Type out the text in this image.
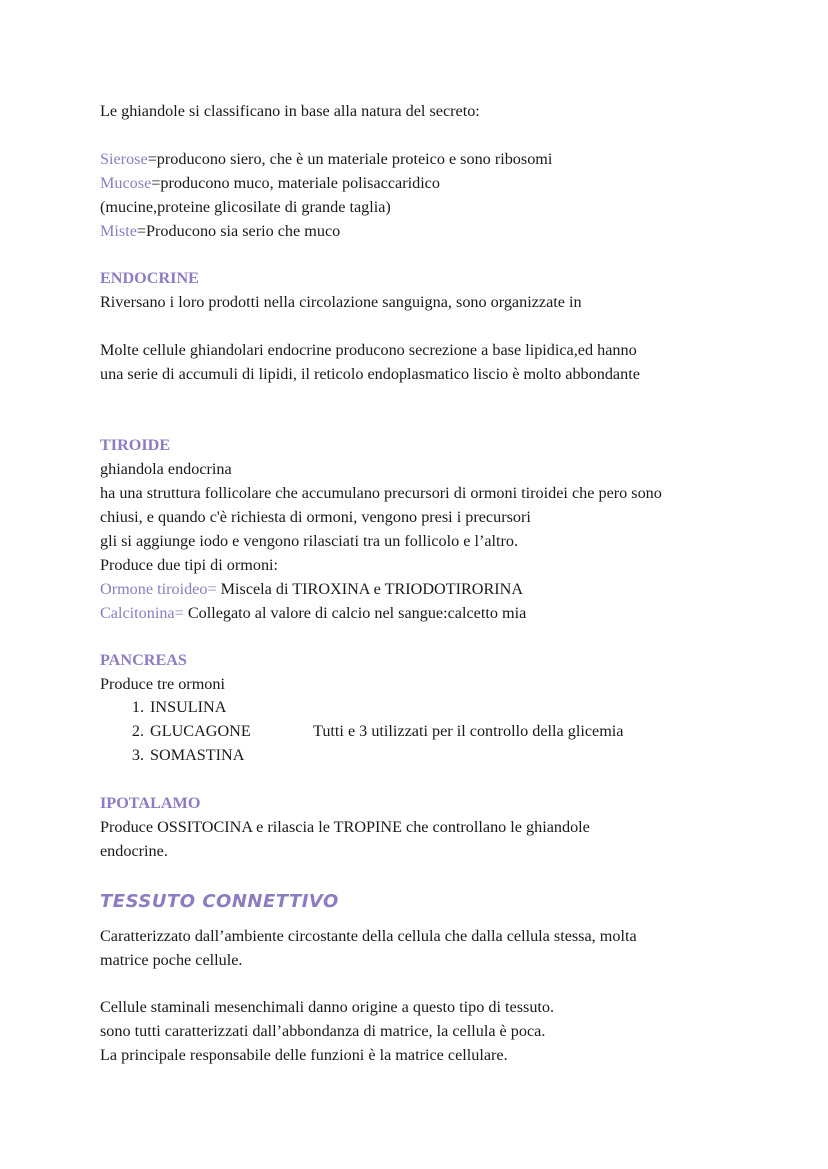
Le ghiandole si classificano in base alla natura del secreto:
Sierose=producono siero, che è un materiale proteico e sono ribosomi
Mucose=producono muco, materiale polisaccaridico
(mucine,proteine glicosilate di grande taglia)
Miste=Producono sia serio che muco
ENDOCRINE
Riversano i loro prodotti nella circolazione sanguigna, sono organizzate in
Molte cellule ghiandolari endocrine producono secrezione a base lipidica,ed hanno
una serie di accumuli di lipidi, il reticolo endoplasmatico liscio è molto abbondante
TIROIDE
ghiandola endocrina
ha una struttura follicolare che accumulano precursori di ormoni tiroidei che pero sono
chiusi, e quando c'è richiesta di ormoni, vengono presi i precursori
gli si aggiunge iodo e vengono rilasciati tra un follicolo e l’altro.
Produce due tipi di ormoni:
Ormone tiroideo= Miscela di TIROXINA e TRIODOTIRORINA
Calcitonina= Collegato al valore di calcio nel sangue:calcetto mia
PANCREAS
Produce tre ormoni
1. INSULINA
2. GLUCAGONE	Tutti e 3 utilizzati per il controllo della glicemia
3. SOMASTINA
IPOTALAMO
Produce OSSITOCINA e rilascia le TROPINE che controllano le ghiandole
endocrine.
TESSUTO CONNETTIVO
Caratterizzato dall’ambiente circostante della cellula che dalla cellula stessa, molta
matrice poche cellule.
Cellule staminali mesenchimali danno origine a questo tipo di tessuto.
sono tutti caratterizzati dall’abbondanza di matrice, la cellula è poca.
La principale responsabile delle funzioni è la matrice cellulare.
